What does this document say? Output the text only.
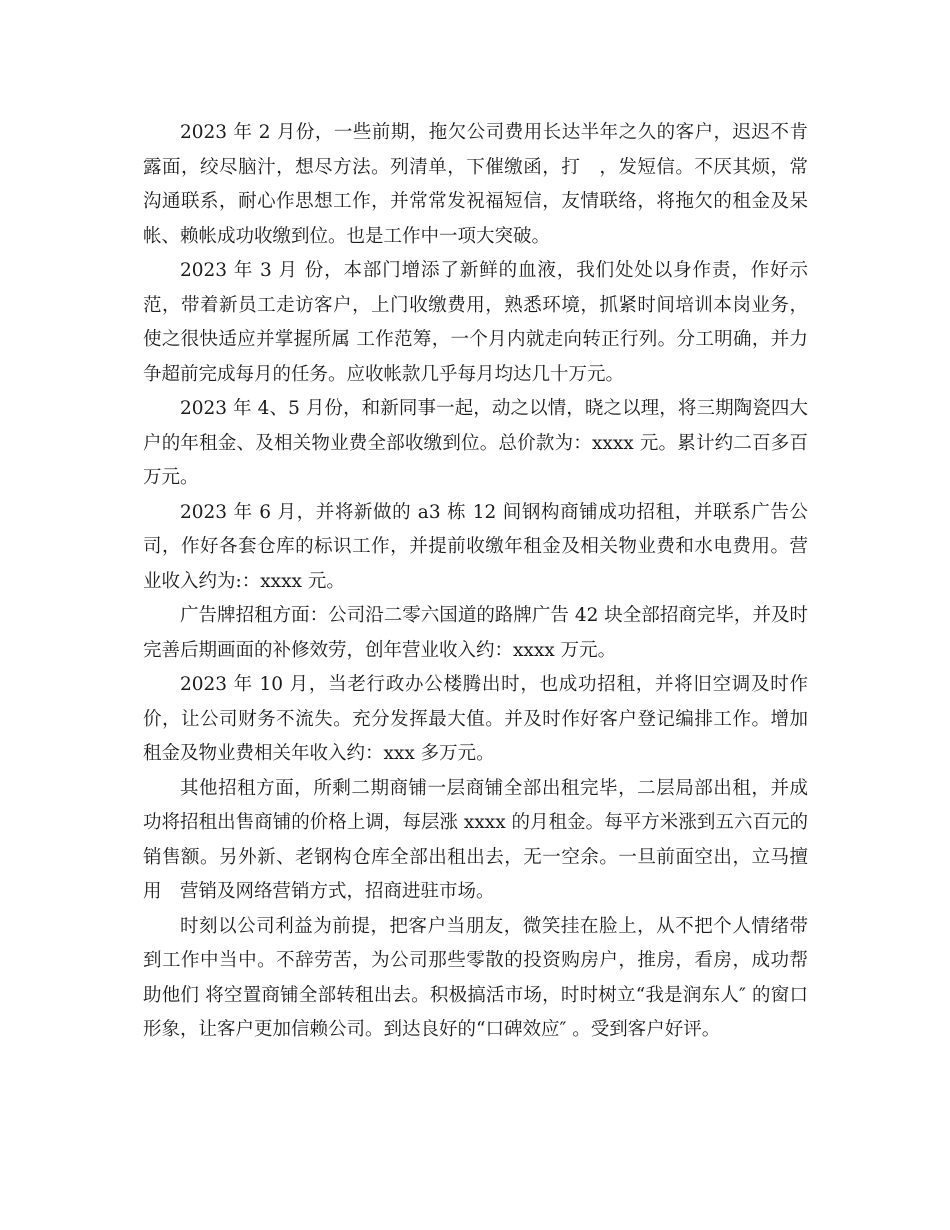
2023 年 2 月份，一些前期，拖欠公司费用长达半年之久的客户，迟迟不肯露面，绞尽脑汁，想尽方法。列清单，下催缴函，打　，发短信。不厌其烦，常沟通联系，耐心作思想工作，并常常发祝福短信，友情联络，将拖欠的租金及呆帐、赖帐成功收缴到位。也是工作中一项大突破。

2023 年 3 月 份，本部门增添了新鲜的血液，我们处处以身作责，作好示范，带着新员工走访客户，上门收缴费用，熟悉环境，抓紧时间培训本岗业务，使之很快适应并掌握所属 工作范筹，一个月内就走向转正行列。分工明确，并力争超前完成每月的任务。应收帐款几乎每月均达几十万元。

2023 年 4、5 月份，和新同事一起，动之以情，晓之以理，将三期陶瓷四大户的年租金、及相关物业费全部收缴到位。总价款为：xxxx 元。累计约二百多百万元。

2023 年 6 月，并将新做的 a3 栋 12 间钢构商铺成功招租，并联系广告公司，作好各套仓库的标识工作，并提前收缴年租金及相关物业费和水电费用。营业收入约为:：xxxx 元。

广告牌招租方面：公司沿二零六国道的路牌广告 42 块全部招商完毕，并及时完善后期画面的补修效劳，创年营业收入约：xxxx 万元。

2023 年 10 月，当老行政办公楼腾出时，也成功招租，并将旧空调及时作价，让公司财务不流失。充分发挥最大值。并及时作好客户登记编排工作。增加租金及物业费相关年收入约：xxx 多万元。

其他招租方面，所剩二期商铺一层商铺全部出租完毕，二层局部出租，并成功将招租出售商铺的价格上调，每层涨 xxxx 的月租金。每平方米涨到五六百元的销售额。另外新、老钢构仓库全部出租出去，无一空余。一旦前面空出，立马擅用　营销及网络营销方式，招商进驻市场。

时刻以公司利益为前提，把客户当朋友，微笑挂在脸上，从不把个人情绪带到工作中当中。不辞劳苦，为公司那些零散的投资购房户，推房，看房，成功帮助他们 将空置商铺全部转租出去。积极搞活市场，时时树立“我是润东人″ 的窗口形象，让客户更加信赖公司。到达良好的“口碑效应″ 。受到客户好评。
